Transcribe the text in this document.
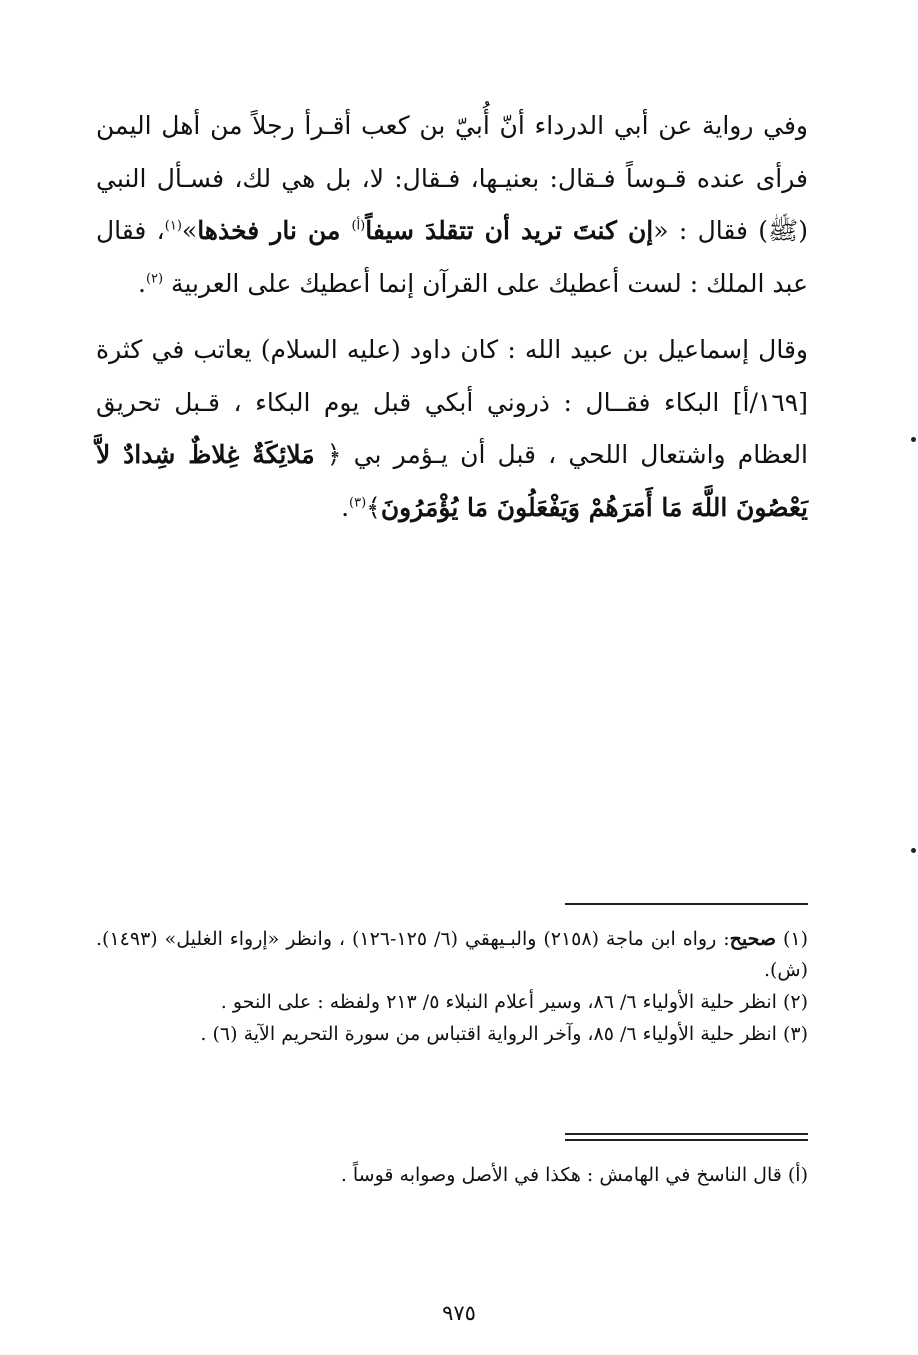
وفي رواية عن أبي الدرداء أنّ أُبيّ بن كعب أقـرأ رجلاً من أهل اليمن فرأى عنده قـوساً فـقال: بعنيـها، فـقال: لا، بل هي لك، فسـأل النبي (ﷺ) فقال : «إن كنتَ تريد أن تتقلدَ سيفاً$^{(أ)}$ من نار فخذها»$^{(١)}$، فقال عبد الملك : لست أعطيك على القرآن إنما أعطيك على العربية $^{(٢)}$.

وقال إسماعيل بن عبيد الله : كان داود (عليه السلام) يعاتب في كثرة [١٦٩/أ] البكاء فقــال : ذروني أبكي قبل يوم البكاء ، قـبل تحريق العظام واشتعال اللحي ، قبل أن يـؤمر بي ﴿ مَلائِكَةٌ غِلاظٌ شِدادٌ لاَّ يَعْصُونَ اللَّهَ مَا أَمَرَهُمْ وَيَفْعَلُونَ مَا يُؤْمَرُونَ﴾$^{(٣)}$.

(١) صحيح: رواه ابن ماجة (٢١٥٨) والبـيهقي (٦/ ١٢٥-١٢٦) ، وانظر «إرواء الغليل» (١٤٩٣). (ش).

(٢) انظر حلية الأولياء ٦/ ٨٦، وسير أعلام النبلاء ٥/ ٢١٣ ولفظه : على النحو .

(٣) انظر حلية الأولياء ٦/ ٨٥، وآخر الرواية اقتباس من سورة التحريم الآية (٦) .

(أ) قال الناسخ في الهامش : هكذا في الأصل وصوابه قوساً .
٩٧٥
